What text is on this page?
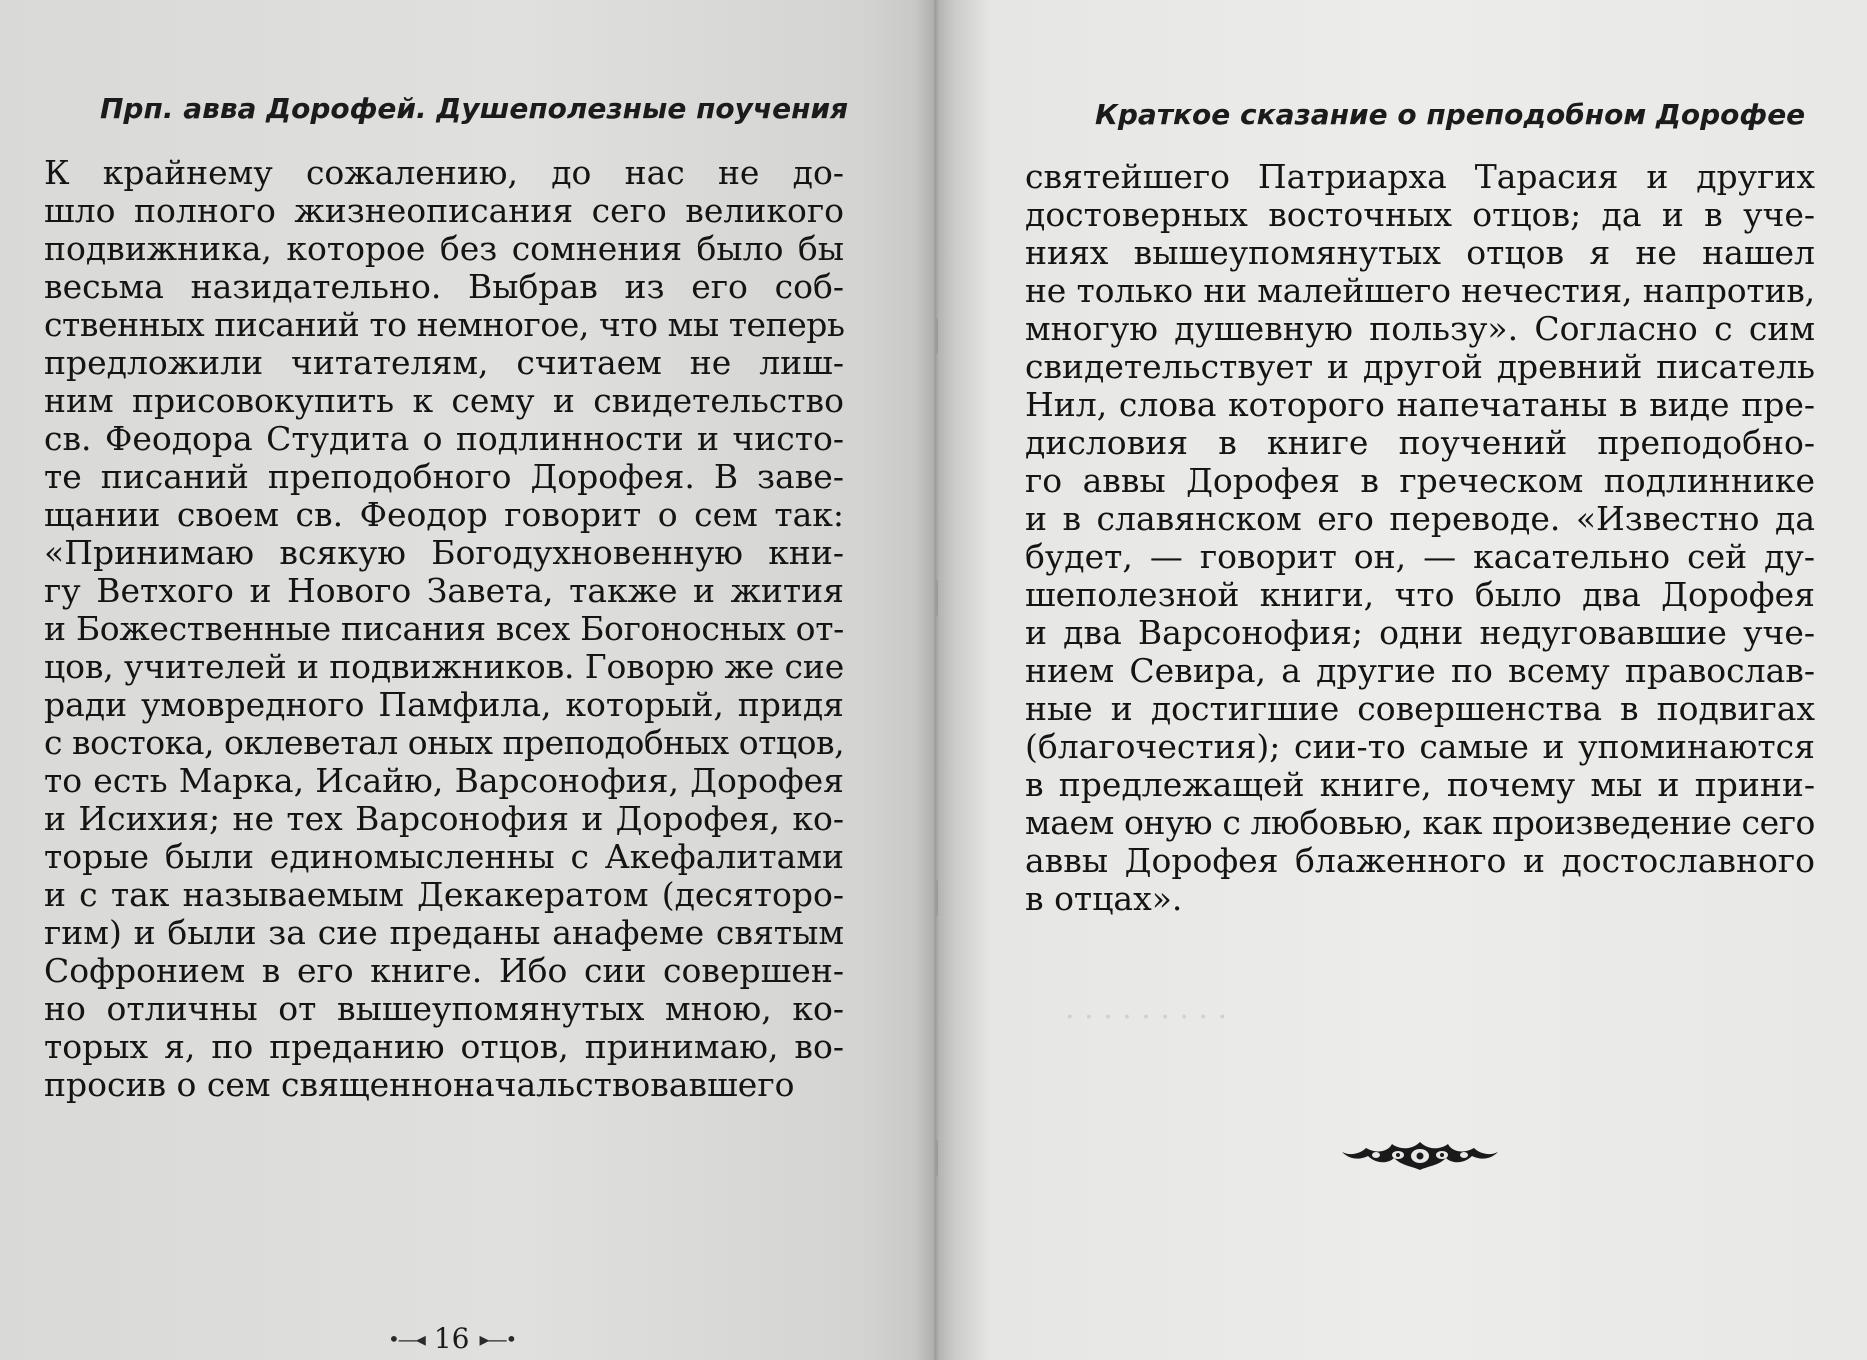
Прп. авва Дорофей. Душеполезные поучения
К крайнему сожалению, до нас не до-
шло полного жизнеописания сего великого
подвижника, которое без сомнения было бы
весьма назидательно. Выбрав из его соб-
ственных писаний то немногое, что мы теперь
предложили читателям, считаем не лиш-
ним присовокупить к сему и свидетельство
св. Феодора Студита о подлинности и чисто-
те писаний преподобного Дорофея. В заве-
щании своем св. Феодор говорит о сем так:
«Принимаю всякую Богодухновенную кни-
гу Ветхого и Нового Завета, также и жития
и Божественные писания всех Богоносных от-
цов, учителей и подвижников. Говорю же сие
ради умовредного Памфила, который, придя
с востока, оклеветал оных преподобных отцов,
то есть Марка, Исайю, Варсонофия, Дорофея
и Исихия; не тех Варсонофия и Дорофея, ко-
торые были единомысленны с Акефалитами
и с так называемым Декакератом (десяторо-
гим) и были за сие преданы анафеме святым
Софронием в его книге. Ибо сии совершен-
но отличны от вышеупомянутых мною, ко-
торых я, по преданию отцов, принимаю, во-
просив о сем священноначальствовавшего
•—◂ 16 ▸—•
· · · · · · · · ·
Краткое сказание о преподобном Дорофее
святейшего Патриарха Тарасия и других
достоверных восточных отцов; да и в уче-
ниях вышеупомянутых отцов я не нашел
не только ни малейшего нечестия, напротив,
многую душевную пользу». Согласно с сим
свидетельствует и другой древний писатель
Нил, слова которого напечатаны в виде пре-
дисловия в книге поучений преподобно-
го аввы Дорофея в греческом подлиннике
и в славянском его переводе. «Известно да
будет, — говорит он, — касательно сей ду-
шеполезной книги, что было два Дорофея
и два Варсонофия; одни недуговавшие уче-
нием Севира, а другие по всему православ-
ные и достигшие совершенства в подвигах
(благочестия); сии-то самые и упоминаются
в предлежащей книге, почему мы и прини-
маем оную с любовью, как произведение сего
аввы Дорофея блаженного и достославного
в отцах».
